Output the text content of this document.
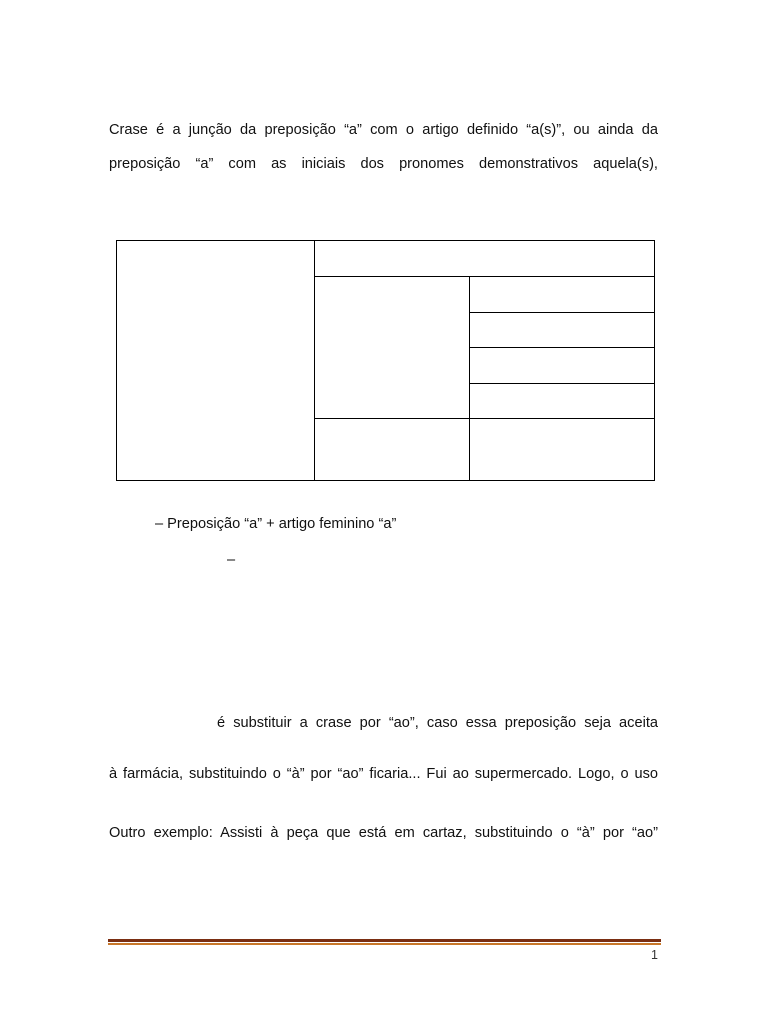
Crase é a junção da preposição “a” com o artigo definido “a(s)”, ou ainda da
preposição “a” com as iniciais dos pronomes demonstrativos aquela(s),
– Preposição “a” + artigo feminino “a”
–
é substituir a crase por “ao”, caso essa preposição seja aceita
à farmácia, substituindo o “à” por “ao” ficaria... Fui ao supermercado. Logo, o uso
Outro exemplo: Assisti à peça que está em cartaz, substituindo o “à” por “ao”
1
